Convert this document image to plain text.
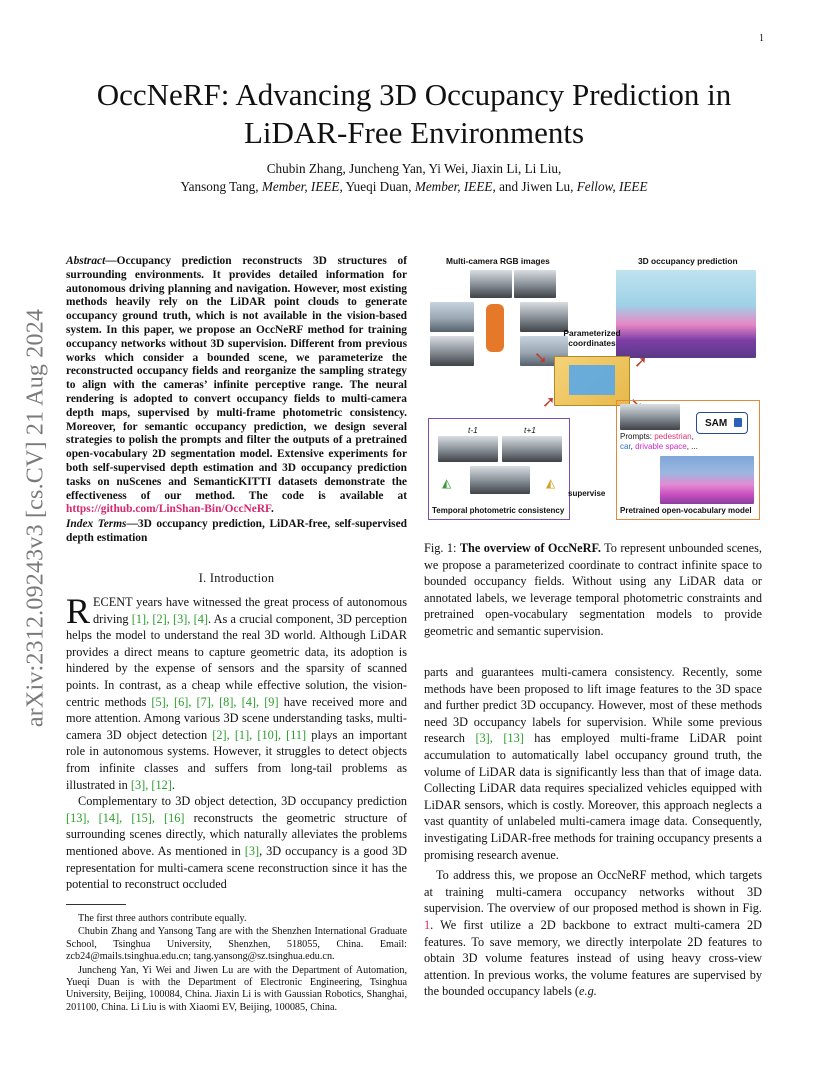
1
arXiv:2312.09243v3 [cs.CV] 21 Aug 2024
OccNeRF: Advancing 3D Occupancy Prediction in LiDAR-Free Environments
Chubin Zhang, Juncheng Yan, Yi Wei, Jiaxin Li, Li Liu,
Yansong Tang, Member, IEEE, Yueqi Duan, Member, IEEE, and Jiwen Lu, Fellow, IEEE
Abstract—Occupancy prediction reconstructs 3D structures of surrounding environments. It provides detailed information for autonomous driving planning and navigation. However, most existing methods heavily rely on the LiDAR point clouds to generate occupancy ground truth, which is not available in the vision-based system. In this paper, we propose an OccNeRF method for training occupancy networks without 3D supervision. Different from previous works which consider a bounded scene, we parameterize the reconstructed occupancy fields and reorganize the sampling strategy to align with the cameras’ infinite perceptive range. The neural rendering is adopted to convert occupancy fields to multi-camera depth maps, supervised by multi-frame photometric consistency. Moreover, for semantic occupancy prediction, we design several strategies to polish the prompts and filter the outputs of a pretrained open-vocabulary 2D segmentation model. Extensive experiments for both self-supervised depth estimation and 3D occupancy prediction tasks on nuScenes and SemanticKITTI datasets demonstrate the effectiveness of our method. The code is available at https://github.com/LinShan-Bin/OccNeRF.
Index Terms—3D occupancy prediction, LiDAR-free, self-supervised depth estimation
I. Introduction

RECENT years have witnessed the great process of autonomous driving [1], [2], [3], [4]. As a crucial component, 3D perception helps the model to understand the real 3D world. Although LiDAR provides a direct means to capture geometric data, its adoption is hindered by the expense of sensors and the sparsity of scanned points. In contrast, as a cheap while effective solution, the vision-centric methods [5], [6], [7], [8], [4], [9] have received more and more attention. Among various 3D scene understanding tasks, multi-camera 3D object detection [2], [1], [10], [11] plays an important role in autonomous systems. However, it struggles to detect objects from infinite classes and suffers from long-tail problems as illustrated in [3], [12].

Complementary to 3D object detection, 3D occupancy prediction [13], [14], [15], [16] reconstructs the geometric structure of surrounding scenes directly, which naturally alleviates the problems mentioned above. As mentioned in [3], 3D occupancy is a good 3D representation for multi-camera scene reconstruction since it has the potential to reconstruct occluded

The first three authors contribute equally.

Chubin Zhang and Yansong Tang are with the Shenzhen International Graduate School, Tsinghua University, Shenzhen, 518055, China. Email: zcb24@mails.tsinghua.edu.cn; tang.yansong@sz.tsinghua.edu.cn.

Juncheng Yan, Yi Wei and Jiwen Lu are with the Department of Automation, Yueqi Duan is with the Department of Electronic Engineering, Tsinghua University, Beijing, 100084, China. Jiaxin Li is with Gaussian Robotics, Shanghai, 201100, China. Li Liu is with Xiaomi EV, Beijing, 100085, China.

Multi-camera RGB images	3D occupancy prediction
Parameterized coordinates
➘	➚
➚
t-1	t+1
◭	◭
Temporal photometric consistency
supervise
SAM
Prompts: pedestrian,
car, drivable space, ...
Pretrained open-vocabulary model
Fig. 1: The overview of OccNeRF. To represent unbounded scenes, we propose a parameterized coordinate to contract infinite space to bounded occupancy fields. Without using any LiDAR data or annotated labels, we leverage temporal photometric constraints and pretrained open-vocabulary segmentation models to provide geometric and semantic supervision.

parts and guarantees multi-camera consistency. Recently, some methods have been proposed to lift image features to the 3D space and further predict 3D occupancy. However, most of these methods need 3D occupancy labels for supervision. While some previous research [3], [13] has employed multi-frame LiDAR point accumulation to automatically label occupancy ground truth, the volume of LiDAR data is significantly less than that of image data. Collecting LiDAR data requires specialized vehicles equipped with LiDAR sensors, which is costly. Moreover, this approach neglects a vast quantity of unlabeled multi-camera image data. Consequently, investigating LiDAR-free methods for training occupancy presents a promising research avenue.

To address this, we propose an OccNeRF method, which targets at training multi-camera occupancy networks without 3D supervision. The overview of our proposed method is shown in Fig. 1. We first utilize a 2D backbone to extract multi-camera 2D features. To save memory, we directly interpolate 2D features to obtain 3D volume features instead of using heavy cross-view attention. In previous works, the volume features are supervised by the bounded occupancy labels (e.g.
